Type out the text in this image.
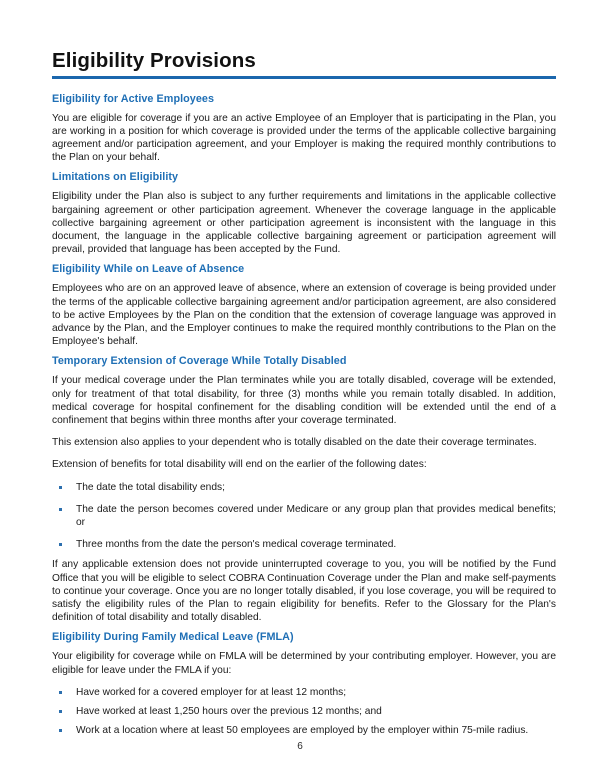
Eligibility Provisions
Eligibility for Active Employees

You are eligible for coverage if you are an active Employee of an Employer that is participating in the Plan, you are working in a position for which coverage is provided under the terms of the applicable collective bargaining agreement and/or participation agreement, and your Employer is making the required monthly contributions to the Plan on your behalf.

Limitations on Eligibility

Eligibility under the Plan also is subject to any further requirements and limitations in the applicable collective bargaining agreement or other participation agreement. Whenever the coverage language in the applicable collective bargaining agreement or other participation agreement is inconsistent with the language in this document, the language in the applicable collective bargaining agreement or participation agreement will prevail, provided that language has been accepted by the Fund.

Eligibility While on Leave of Absence

Employees who are on an approved leave of absence, where an extension of coverage is being provided under the terms of the applicable collective bargaining agreement and/or participation agreement, are also considered to be active Employees by the Plan on the condition that the extension of coverage language was approved in advance by the Plan, and the Employer continues to make the required monthly contributions to the Plan on the Employee's behalf.

Temporary Extension of Coverage While Totally Disabled

If your medical coverage under the Plan terminates while you are totally disabled, coverage will be extended, only for treatment of that total disability, for three (3) months while you remain totally disabled. In addition, medical coverage for hospital confinement for the disabling condition will be extended until the end of a confinement that begins within three months after your coverage terminated.

This extension also applies to your dependent who is totally disabled on the date their coverage terminates.

Extension of benefits for total disability will end on the earlier of the following dates:

The date the total disability ends;
The date the person becomes covered under Medicare or any group plan that provides medical benefits; or
Three months from the date the person's medical coverage terminated.

If any applicable extension does not provide uninterrupted coverage to you, you will be notified by the Fund Office that you will be eligible to select COBRA Continuation Coverage under the Plan and make self-payments to continue your coverage. Once you are no longer totally disabled, if you lose coverage, you will be required to satisfy the eligibility rules of the Plan to regain eligibility for benefits. Refer to the Glossary for the Plan's definition of total disability and totally disabled.

Eligibility During Family Medical Leave (FMLA)

Your eligibility for coverage while on FMLA will be determined by your contributing employer. However, you are eligible for leave under the FMLA if you:

Have worked for a covered employer for at least 12 months;
Have worked at least 1,250 hours over the previous 12 months; and
Work at a location where at least 50 employees are employed by the employer within 75-mile radius.
6
